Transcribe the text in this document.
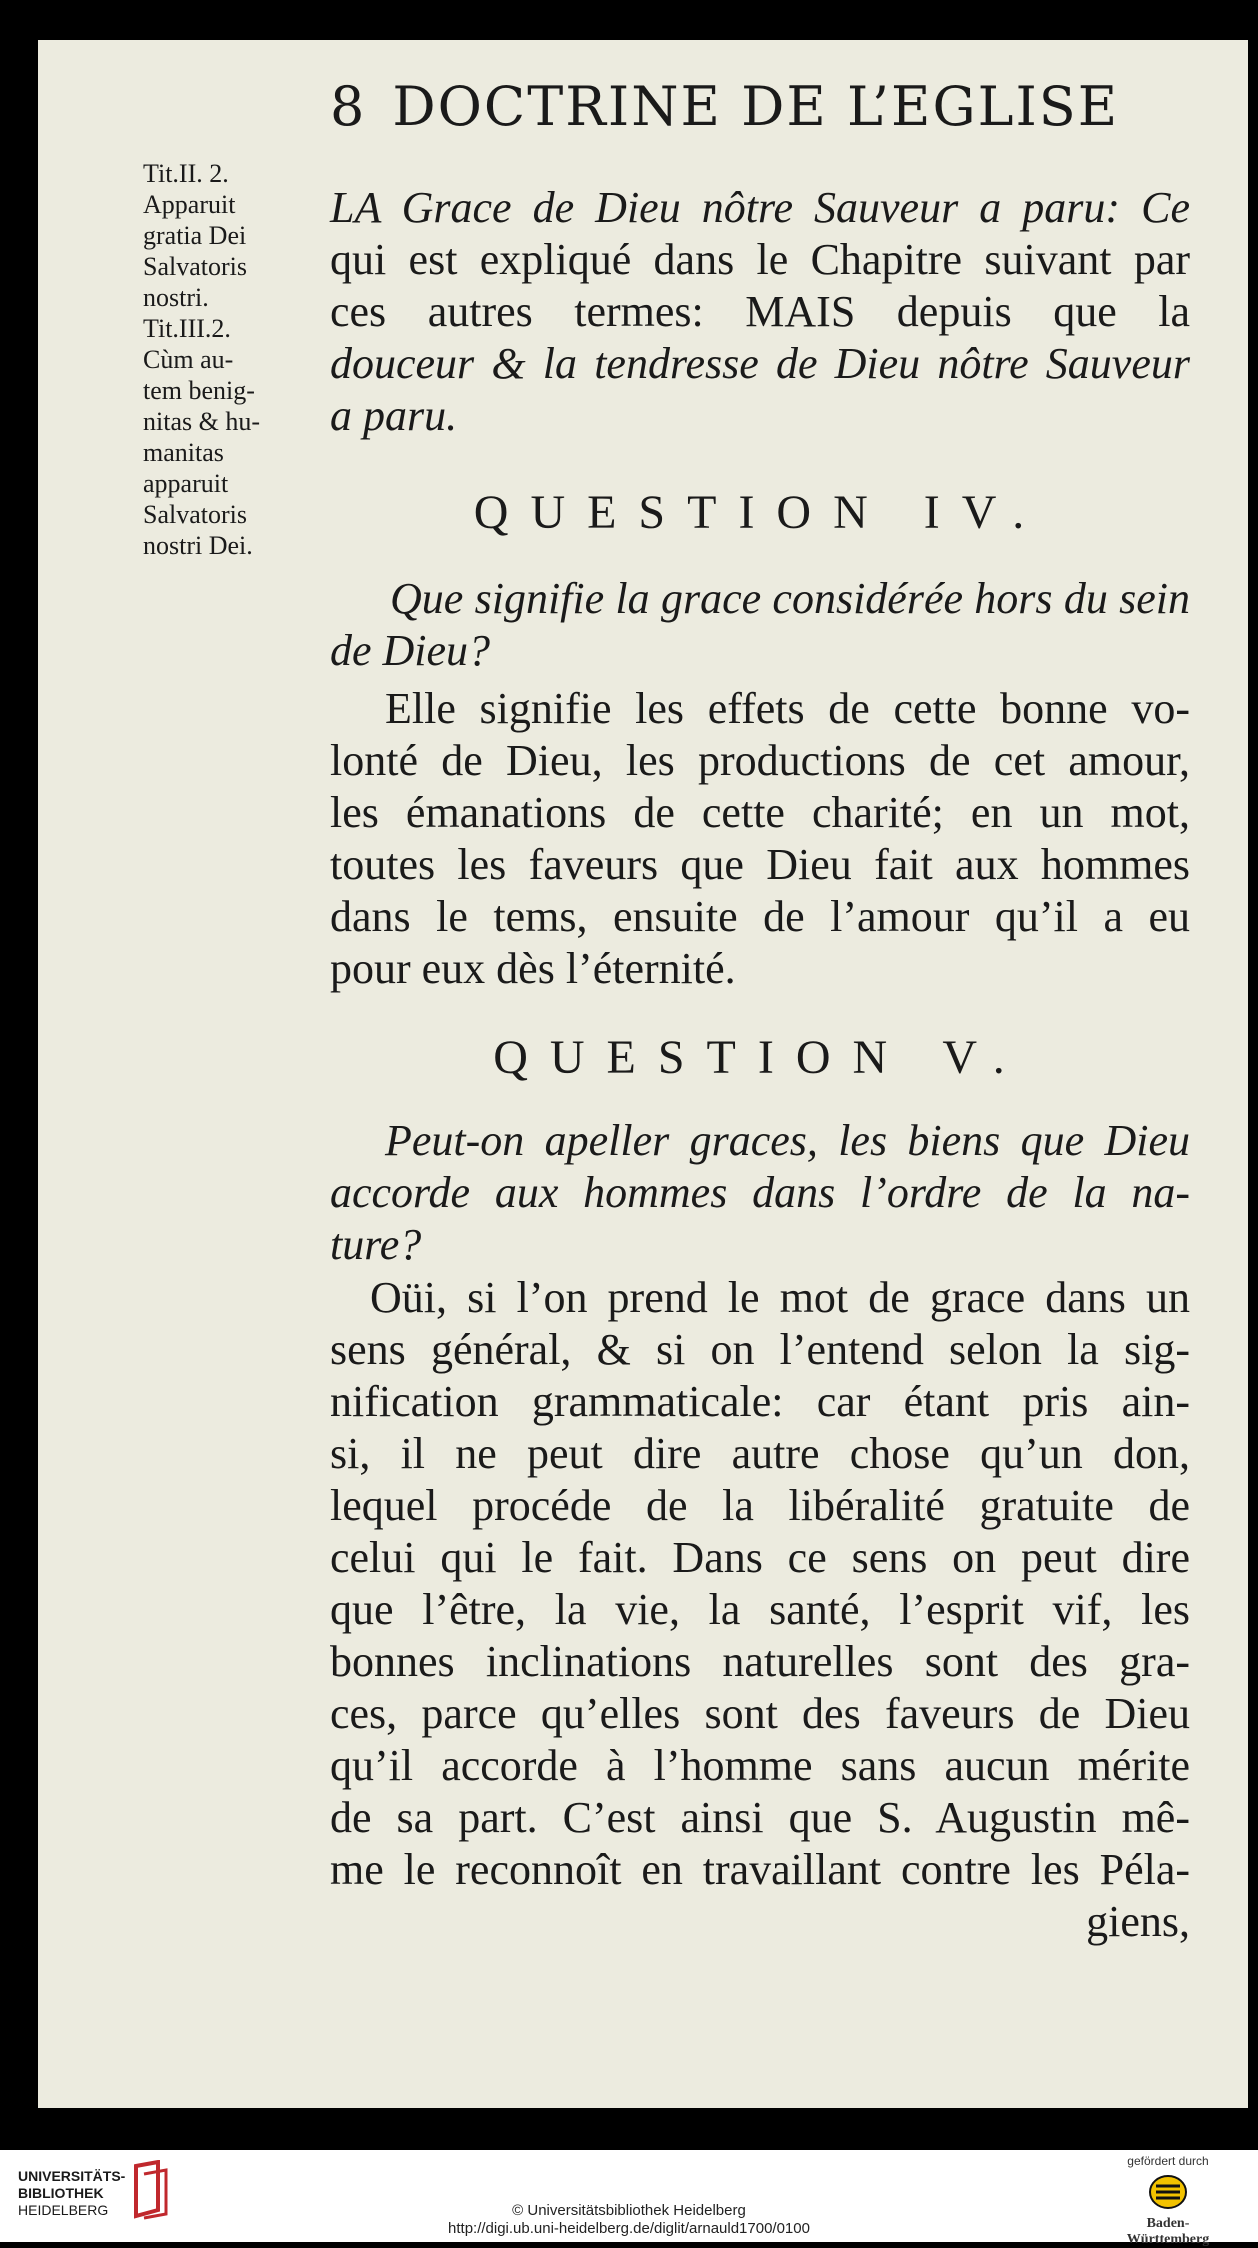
8 DOCTRINE DE L’EGLISE
Tit.II. 2.
Apparuit
gratia Dei
Salvatoris
nostri.
Tit.III.2.
Cùm au-
tem benig-
nitas & hu-
manitas
apparuit
Salvatoris
nostri Dei.
LA Grace de Dieu nôtre Sauveur a paru: Ce
qui est expliqué dans le Chapitre suivant par
ces autres termes: MAIS depuis que la
douceur & la tendresse de Dieu nôtre Sauveur
a paru.
QUESTION IV.
Que signifie la grace considérée hors du sein
de Dieu?
Elle signifie les effets de cette bonne vo-
lonté de Dieu, les productions de cet amour,
les émanations de cette charité; en un mot,
toutes les faveurs que Dieu fait aux hommes
dans le tems, ensuite de l’amour qu’il a eu
pour eux dès l’éternité.
QUESTION V.
Peut-on apeller graces, les biens que Dieu
accorde aux hommes dans l’ordre de la na-
ture?
Oüi, si l’on prend le mot de grace dans un
sens général, & si on l’entend selon la sig-
nification grammaticale: car étant pris ain-
si, il ne peut dire autre chose qu’un don,
lequel procéde de la libéralité gratuite de
celui qui le fait. Dans ce sens on peut dire
que l’être, la vie, la santé, l’esprit vif, les
bonnes inclinations naturelles sont des gra-
ces, parce qu’elles sont des faveurs de Dieu
qu’il accorde à l’homme sans aucun mérite
de sa part. C’est ainsi que S. Augustin mê-
me le reconnoît en travaillant contre les Péla-
giens,
UNIVERSITÄTS-
BIBLIOTHEK
HEIDELBERG	© Universitätsbibliothek Heidelberg
http://digi.ub.uni-heidelberg.de/diglit/arnauld1700/0100
gefördert durch
Baden-Württemberg
